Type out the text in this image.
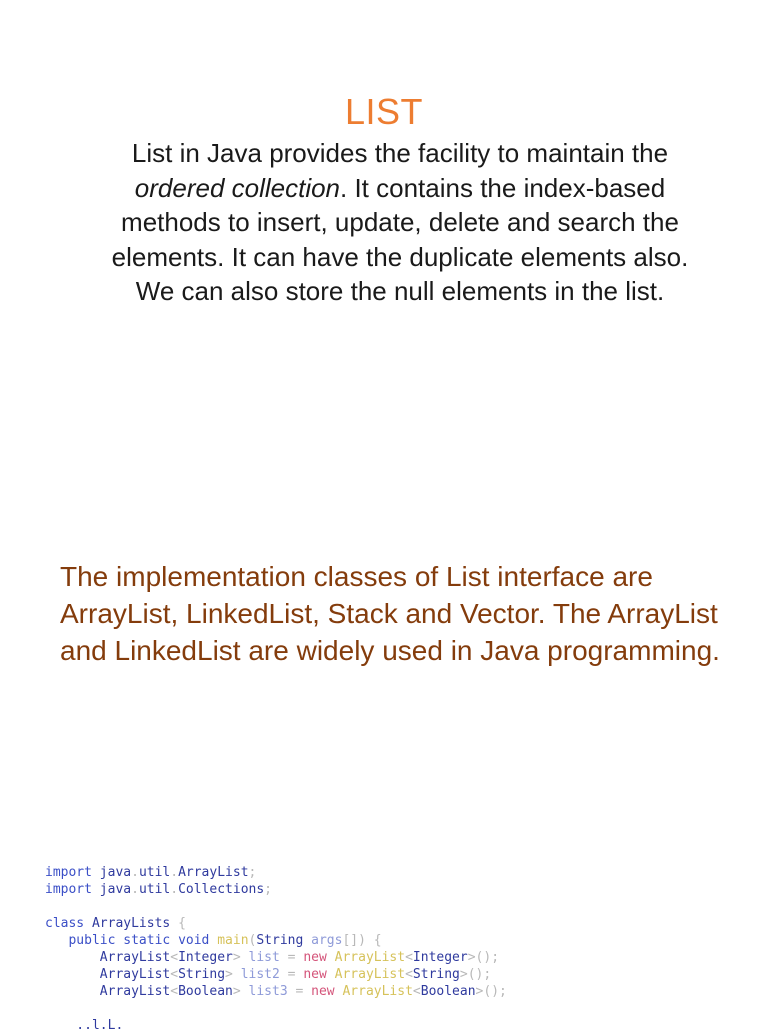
LIST
List in Java provides the facility to maintain the ordered collection. It contains the index-based methods to insert, update, delete and search the elements. It can have the duplicate elements also. We can also store the null elements in the list.
The implementation classes of List interface are ArrayList, LinkedList, Stack and Vector. The ArrayList and LinkedList are widely used in Java programming.
import java.util.ArrayList;
import java.util.Collections;

class ArrayLists {
public static void main(String args[]) {
ArrayList<Integer> list = new ArrayList<Integer>();
ArrayList<String> list2 = new ArrayList<String>();
ArrayList<Boolean> list3 = new ArrayList<Boolean>();

..l.L.
